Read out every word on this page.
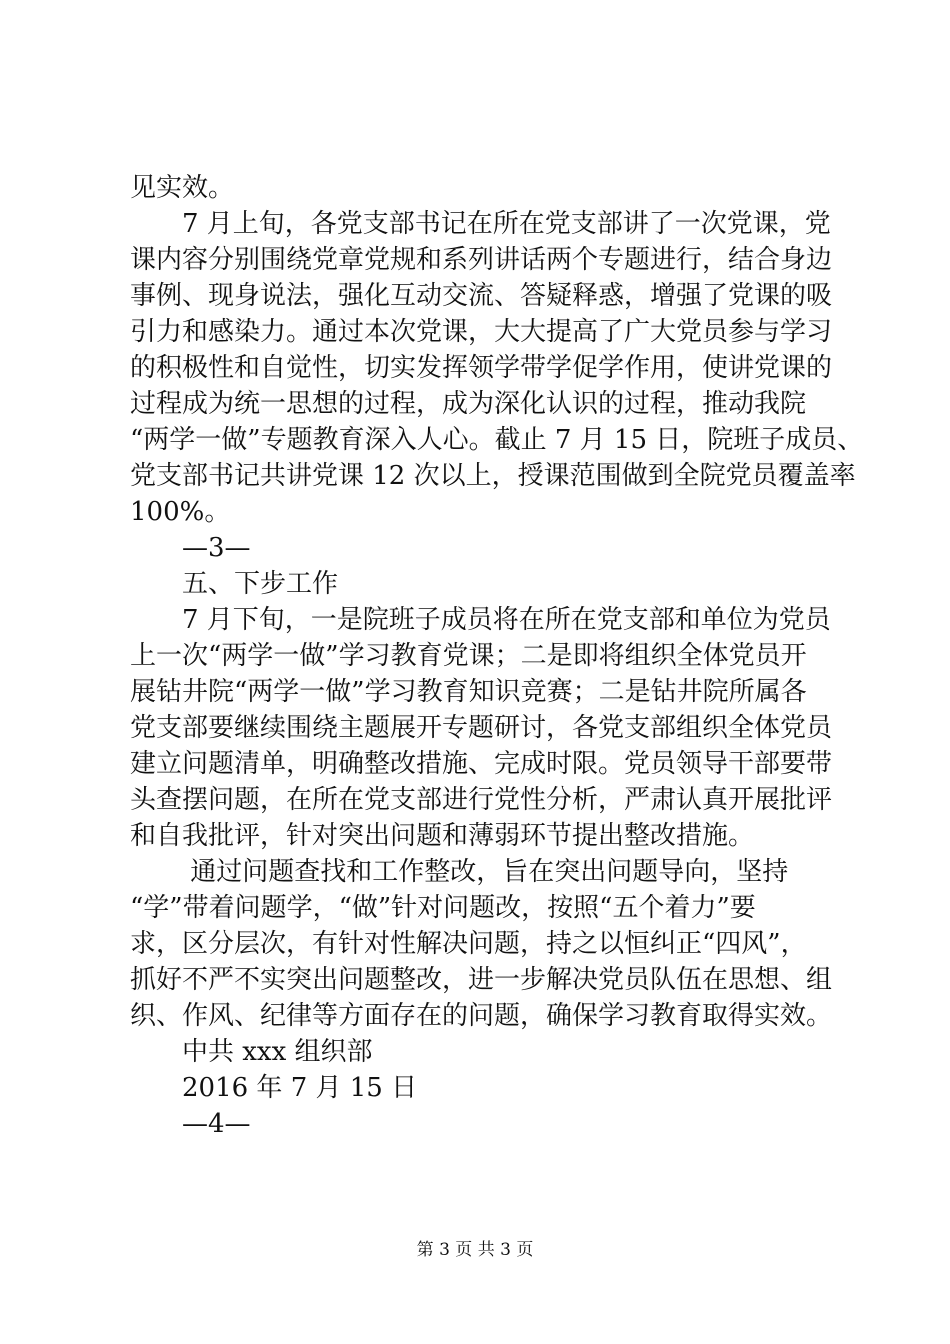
见实效。
　　7 月上旬，各党支部书记在所在党支部讲了一次党课，党
课内容分别围绕党章党规和系列讲话两个专题进行，结合身边
事例、现身说法，强化互动交流、答疑释惑，增强了党课的吸
引力和感染力。通过本次党课，大大提高了广大党员参与学习
的积极性和自觉性，切实发挥领学带学促学作用，使讲党课的
过程成为统一思想的过程，成为深化认识的过程，推动我院
“两学一做”专题教育深入人心。截止 7 月 15 日，院班子成员、
党支部书记共讲党课 12 次以上，授课范围做到全院党员覆盖率
100%。
　　—3—
　　五、下步工作
　　7 月下旬，一是院班子成员将在所在党支部和单位为党员
上一次“两学一做”学习教育党课；二是即将组织全体党员开
展钻井院“两学一做”学习教育知识竞赛；二是钻井院所属各
党支部要继续围绕主题展开专题研讨，各党支部组织全体党员
建立问题清单，明确整改措施、完成时限。党员领导干部要带
头查摆问题，在所在党支部进行党性分析，严肃认真开展批评
和自我批评，针对突出问题和薄弱环节提出整改措施。
　　 通过问题查找和工作整改，旨在突出问题导向，坚持
“学”带着问题学，“做”针对问题改，按照“五个着力”要
求，区分层次，有针对性解决问题，持之以恒纠正“四风”，
抓好不严不实突出问题整改，进一步解决党员队伍在思想、组
织、作风、纪律等方面存在的问题，确保学习教育取得实效。
　　中共 xxx 组织部
　　2016 年 7 月 15 日
　　—4—
第 3 页 共 3 页
